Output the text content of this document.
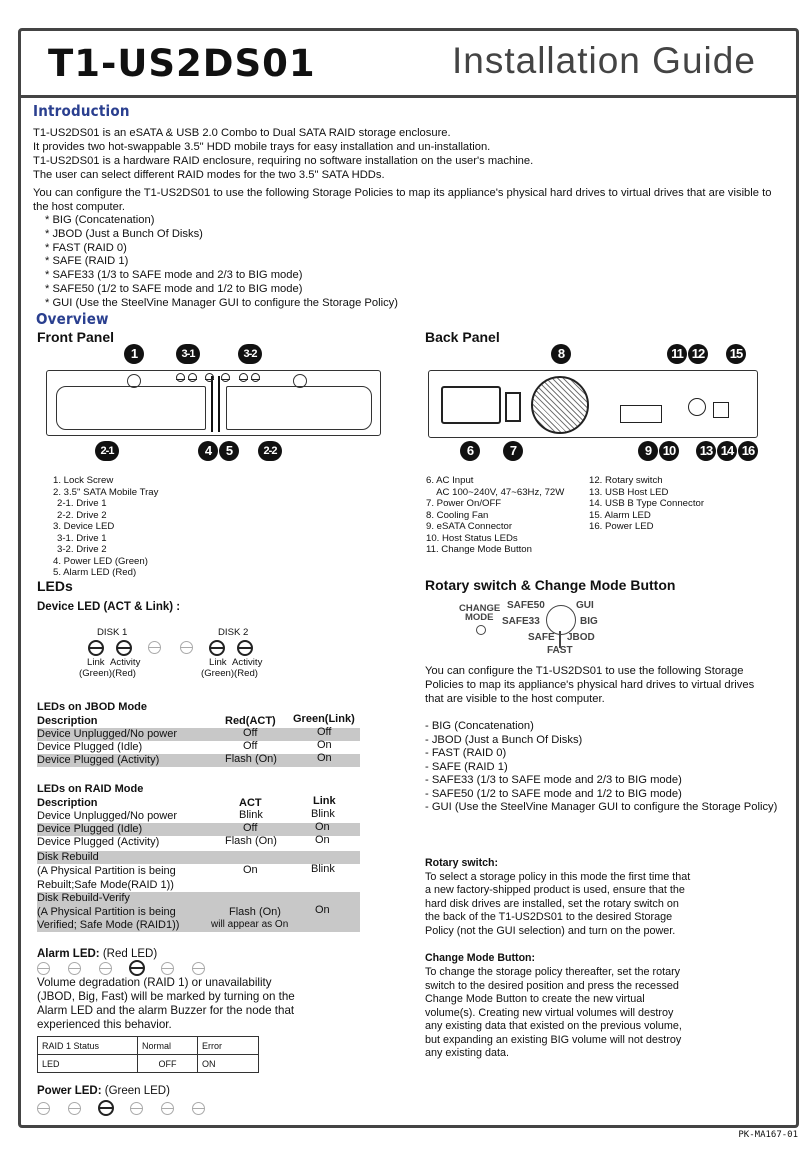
T1-US2DS01	Installation Guide
Introduction
T1-US2DS01 is an eSATA & USB 2.0 Combo to Dual SATA RAID storage enclosure.
It provides two hot-swappable 3.5" HDD mobile trays for easy installation and un-installation.
T1-US2DS01 is a hardware RAID enclosure, requiring no software installation on the user's machine.
The user can select different RAID modes for the two 3.5" SATA HDDs.
You can configure the T1-US2DS01 to use the following Storage Policies to map its appliance's physical hard drives to virtual drives that are visible to the host computer.
* BIG (Concatenation)
* JBOD (Just a Bunch Of Disks)
* FAST (RAID 0)
* SAFE (RAID 1)
* SAFE33 (1/3 to SAFE mode and 2/3 to BIG mode)
* SAFE50 (1/2 to SAFE mode and 1/2 to BIG mode)
* GUI (Use the SteelVine Manager GUI to configure the Storage Policy)
Overview
Front Panel	Back Panel
1	3-1	3-2
2-1	4	5	2-2
8	11 12 15
6	7	9 10 13 14 16
1. Lock Screw
2. 3.5" SATA Mobile Tray
2-1. Drive 1
2-2. Drive 2
3. Device LED
3-1. Drive 1
3-2. Drive 2
4. Power LED (Green)
5. Alarm LED (Red)
6. AC Input
AC 100~240V, 47~63Hz, 72W
7. Power On/OFF
8. Cooling Fan
9. eSATA Connector
10. Host Status LEDs
11. Change Mode Button
12. Rotary switch
13. USB Host LED
14. USB B Type Connector
15. Alarm LED
16. Power LED
LEDs
Device LED (ACT & Link) :
DISK 1	DISK 2
Link Activity
(Green) (Red)
Link Activity
(Green) (Red)
LEDs on JBOD Mode
Description	Red(ACT) Green(Link)
Device Unplugged/No power	Off	Off
Device Plugged (Idle)	Off	On
Device Plugged (Activity)	Flash (On)	On
LEDs on RAID Mode
Description	ACT	Link
Device Unplugged/No power	Blink	Blink
Device Plugged (Idle)	Off	On
Device Plugged (Activity)	Flash (On)	On
Disk Rebuild
(A Physical Partition is being
Rebuilt;Safe Mode(RAID 1))
On	Blink
Disk Rebuild-Verify
(A Physical Partition is being
Verified; Safe Mode (RAID1))
Flash (On)
will appear as On
On
Alarm LED: (Red LED)
Volume degradation (RAID 1) or unavailability
(JBOD, Big, Fast) will be marked by turning on the
Alarm LED and the alarm Buzzer for the node that
experienced this behavior.
RAID 1 Status	Normal	Error
LED	OFF	ON
Power LED: (Green LED)
Rotary switch & Change Mode Button
CHANGE
MODE
SAFE50	GUI
SAFE33	BIG
SAFE JBOD
FAST
You can configure the T1-US2DS01 to use the following Storage
Policies to map its appliance's physical hard drives to virtual drives
that are visible to the host computer.
- BIG (Concatenation)
- JBOD (Just a Bunch Of Disks)
- FAST (RAID 0)
- SAFE (RAID 1)
- SAFE33 (1/3 to SAFE mode and 2/3 to BIG mode)
- SAFE50 (1/2 to SAFE mode and 1/2 to BIG mode)
- GUI (Use the SteelVine Manager GUI to configure the Storage Policy)
Rotary switch:
To select a storage policy in this mode the first time that
a new factory-shipped product is used, ensure that the
hard disk drives are installed, set the rotary switch on
the back of the T1-US2DS01 to the desired Storage
Policy (not the GUI selection) and turn on the power.
Change Mode Button:
To change the storage policy thereafter, set the rotary
switch to the desired position and press the recessed
Change Mode Button to create the new virtual
volume(s). Creating new virtual volumes will destroy
any existing data that existed on the previous volume,
but expanding an existing BIG volume will not destroy
any existing data.
PK-MA167-01
